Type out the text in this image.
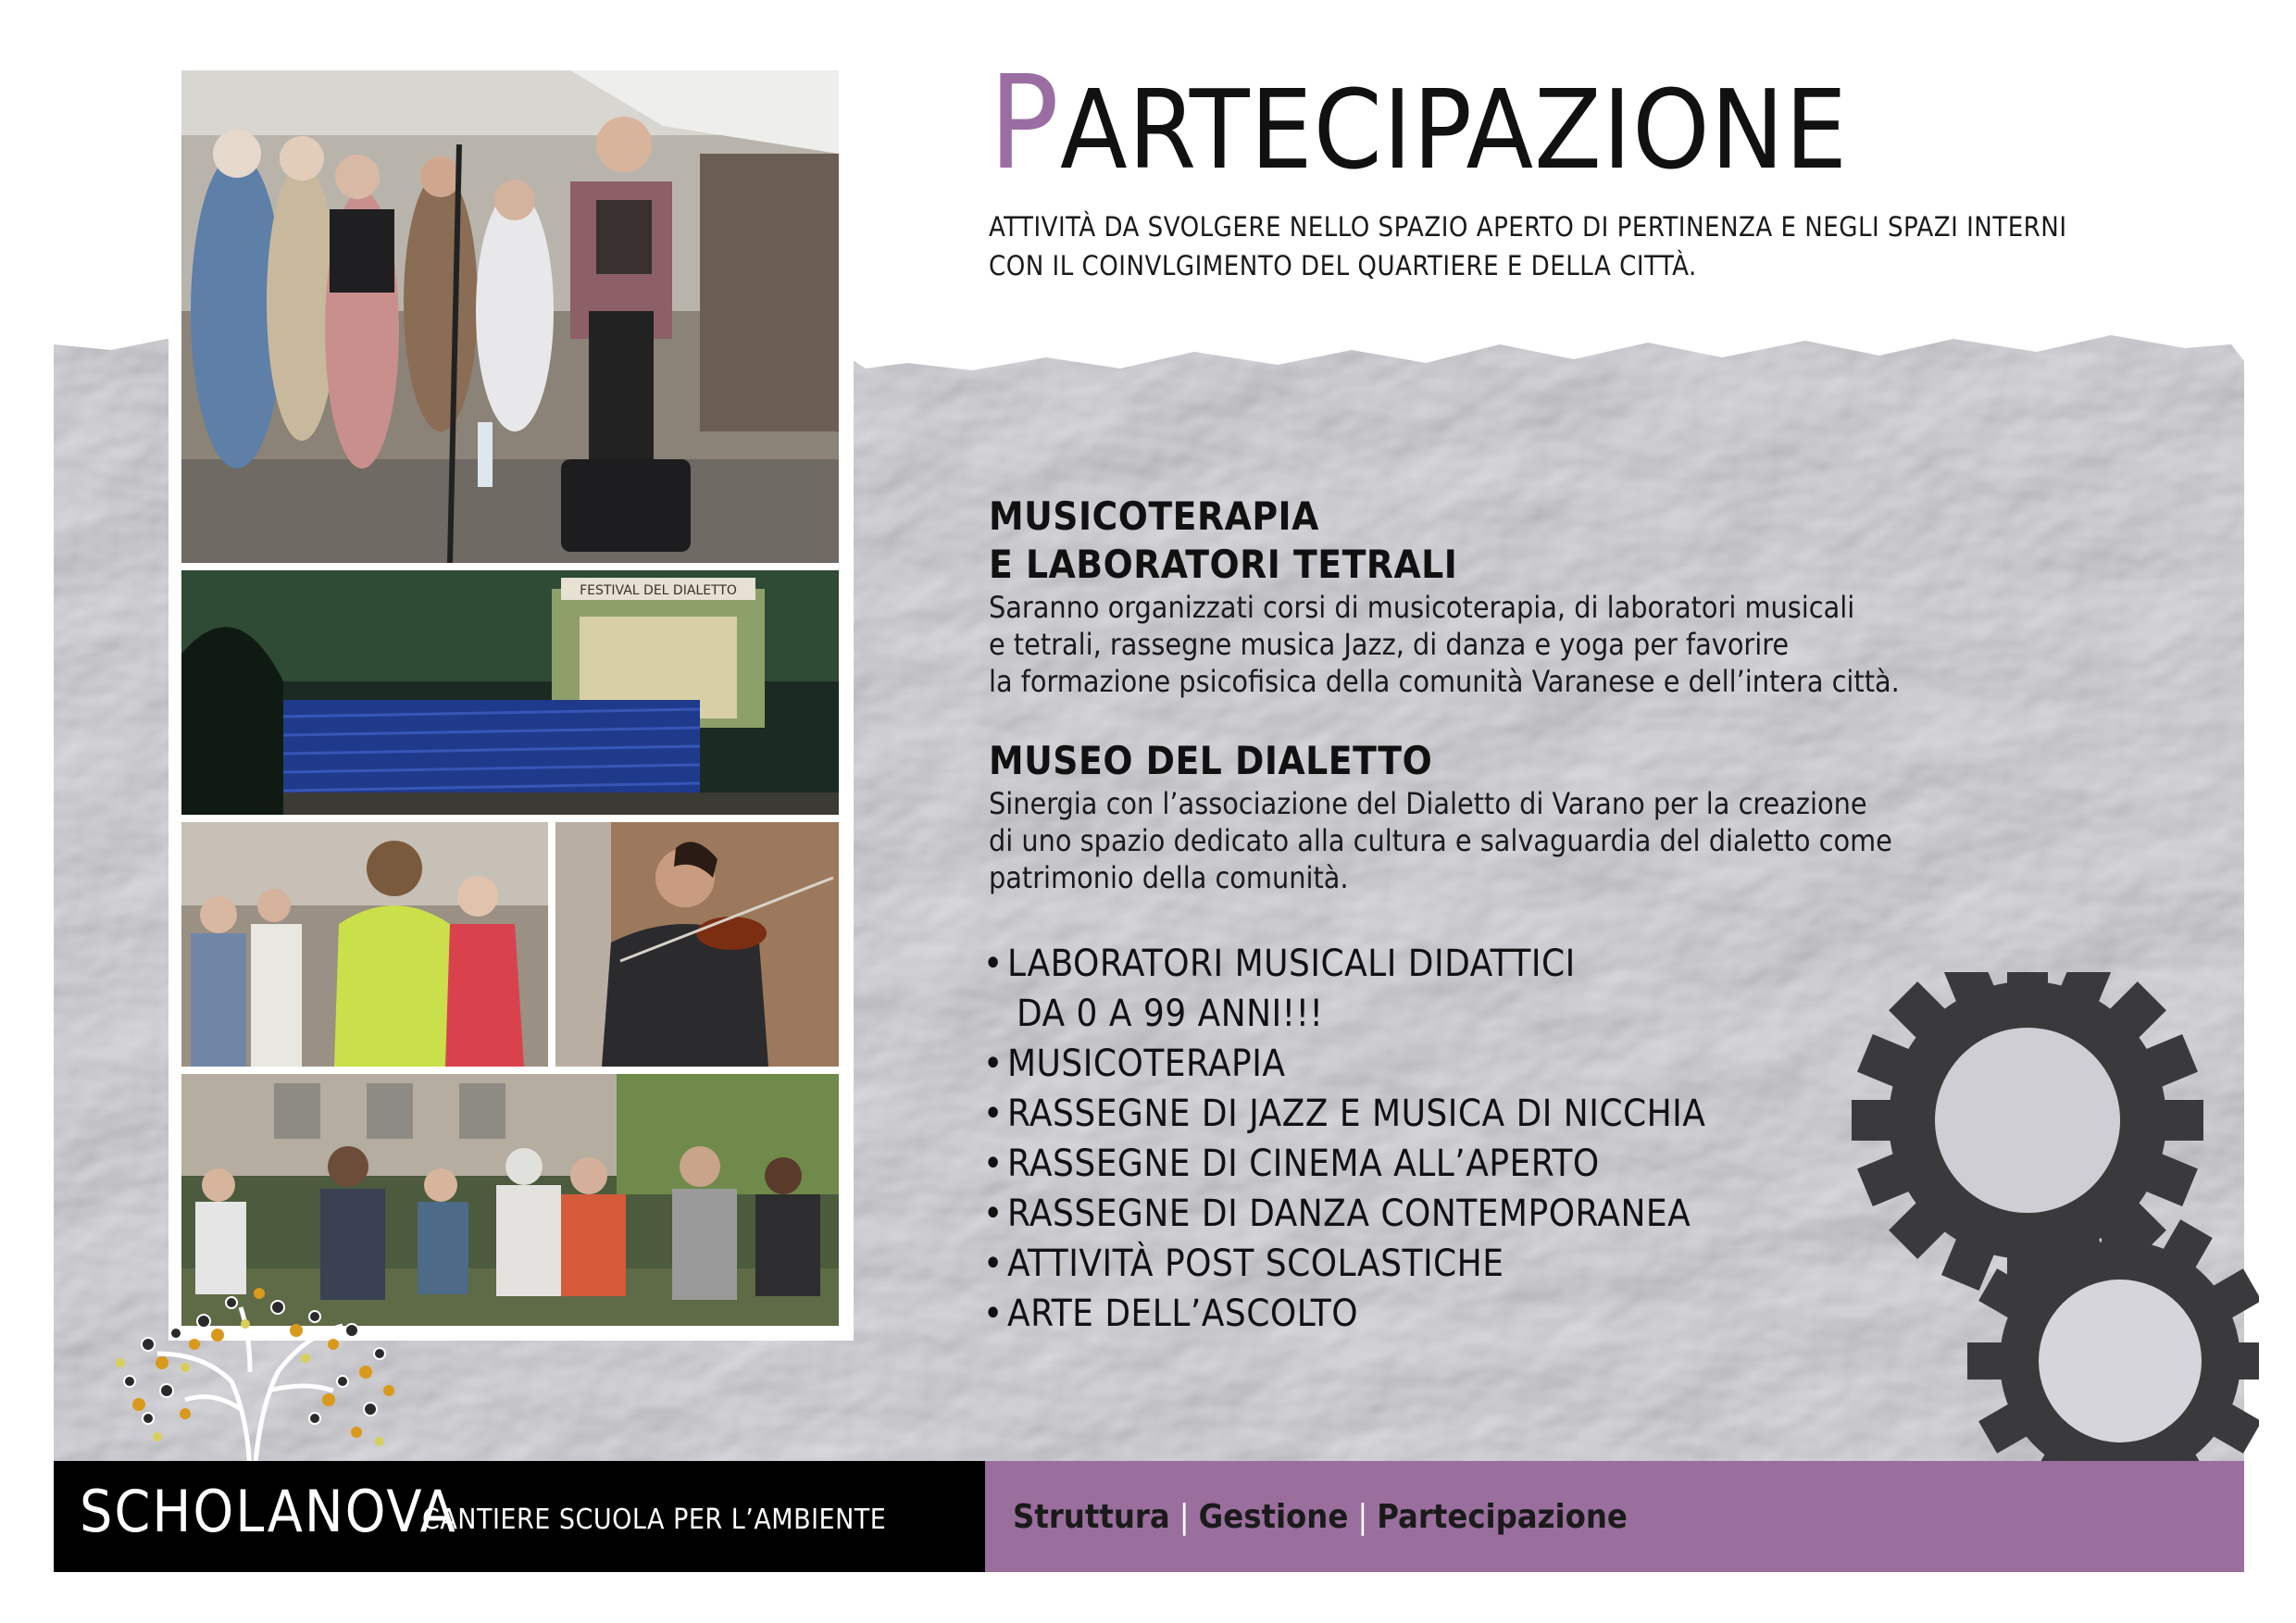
FESTIVAL DEL DIALETTO
PARTECIPAZIONE
ATTIVITÀ DA SVOLGERE NELLO SPAZIO APERTO DI PERTINENZA E NEGLI SPAZI INTERNI
CON IL COINVLGIMENTO DEL QUARTIERE E DELLA CITTÀ.
MUSICOTERAPIA
E LABORATORI TETRALI
Saranno organizzati corsi di musicoterapia, di laboratori musicali
e tetrali, rassegne musica Jazz, di danza e yoga per favorire
la formazione psicofisica della comunità Varanese e dell’intera città.
MUSEO DEL DIALETTO
Sinergia con l’associazione del Dialetto di Varano per la creazione
di uno spazio dedicato alla cultura e salvaguardia del dialetto come
patrimonio della comunità.
• LABORATORI MUSICALI DIDATTICI
DA 0 A 99 ANNI!!!
• MUSICOTERAPIA
• RASSEGNE DI JAZZ E MUSICA DI NICCHIA
• RASSEGNE DI CINEMA ALL’APERTO
• RASSEGNE DI DANZA CONTEMPORANEA
• ATTIVITÀ POST SCOLASTICHE
• ARTE DELL’ASCOLTO
SCHOLANOVA
CANTIERE SCUOLA PER L’AMBIENTE	Struttura | Gestione | Partecipazione
